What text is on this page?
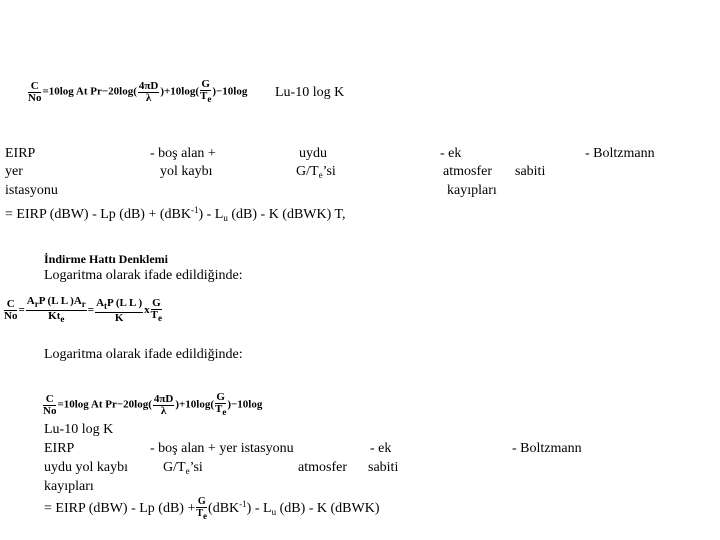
$\frac{C}{No} =10\log$ At $Pr-20\log( \frac{4\pi D}{\lambda} )+10\log( \frac{G}{T_e} )-10\log$ Lu-10 log K
EIRP	- boş alan +	uydu	- ek	- Boltzmann
yer	yol kaybı	$G/T_e’si$	atmosfer sabiti
istasyonu	kayıpları
= EIRP (dBW) - Lp $(dB) + (dBK^{-1}) - L_u$ (dB) - K (dBWK) T,
İndirme Hattı Denklemi
Logaritma olarak ifade edildiğinde:
$\frac{C}{No} = \frac{A_rP (L L )A_r}{Kt_e} = \frac{A_tP (L L )}{K}$ x $\frac{G}{T_e}$
Logaritma olarak ifade edildiğinde:
$\frac{C}{No} =10\log$ At $Pr-20\log( \frac{4\pi D}{\lambda} )+10\log( \frac{G}{T_e} )-10\log$
Lu-10 log K
EIRP	- boş alan + yer istasyonu	- ek	- Boltzmann
uydu yol kaybı	$G/T_e’si$	atmosfer sabiti
kayıpları
= EIRP (dBW) - Lp $(dB) + \frac{G}{T_e} (dBK^{-1}) - L_u$ (dB) - K (dBWK)
